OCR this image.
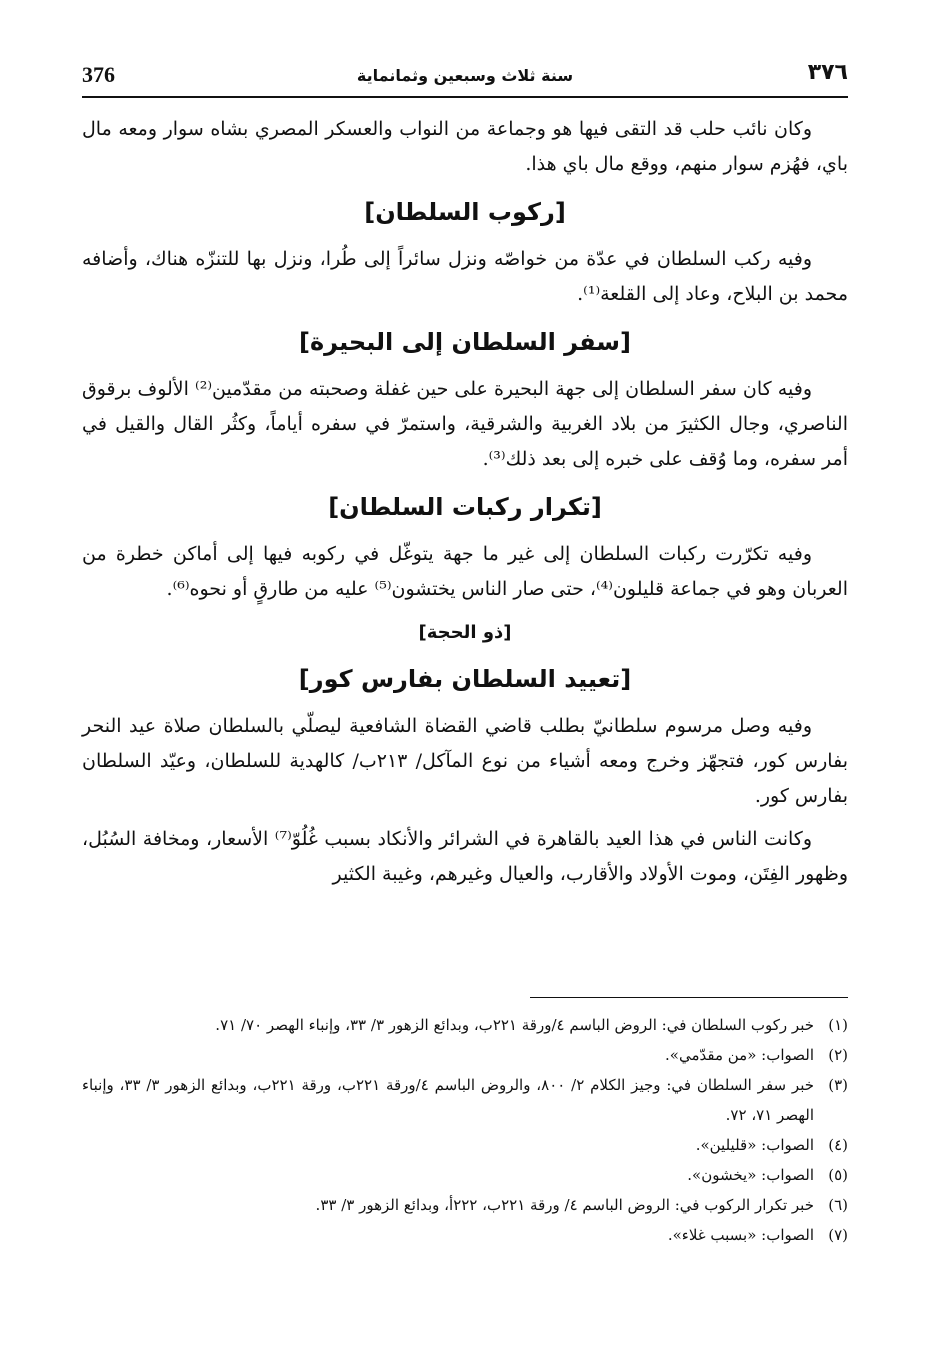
376	سنة ثلاث وسبعين وثمانماية	٣٧٦

وكان نائب حلب قد التقى فيها هو وجماعة من النواب والعسكر المصري بشاه سوار ومعه مال باي، فهُزم سوار منهم، ووقع مال باي هذا.

[ركوب السلطان]

وفيه ركب السلطان في عدّة من خواصّه ونزل سائراً إلى طُرا، ونزل بها للتنزّه هناك، وأضافه محمد بن البلاح، وعاد إلى القلعة⁽¹⁾.

[سفر السلطان إلى البحيرة]

وفيه كان سفر السلطان إلى جهة البحيرة على حين غفلة وصحبته من مقدّمين⁽²⁾ الألوف برقوق الناصري، وجال الكثيرَ من بلاد الغربية والشرقية، واستمرّ في سفره أياماً، وكثُر القال والقيل في أمر سفره، وما وُقف على خبره إلى بعد ذلك⁽³⁾.

[تكرار ركبات السلطان]

وفيه تكرّرت ركبات السلطان إلى غير ما جهة يتوغّل في ركوبه فيها إلى أماكن خطرة من العربان وهو في جماعة قليلون⁽⁴⁾، حتى صار الناس يختشون⁽⁵⁾ عليه من طارقٍ أو نحوه⁽⁶⁾.

[ذو الحجة]
[تعييد السلطان بفارس كور]

وفيه وصل مرسوم سلطانيّ بطلب قاضي القضاة الشافعية ليصلّي بالسلطان صلاة عيد النحر بفارس كور، فتجهّز وخرج ومعه أشياء من نوع المآكل/ ٢١٣ب/ كالهدية للسلطان، وعيّد السلطان بفارس كور.

وكانت الناس في هذا العيد بالقاهرة في الشرائر والأنكاد بسبب غُلُوّ⁽⁷⁾ الأسعار، ومخافة السُبُل، وظهور الفِتَن، وموت الأولاد والأقارب، والعيال وغيرهم، وغيبة الكثير

(١)
خبر ركوب السلطان في: الروض الباسم ٤/ورقة ٢٢١ب، وبدائع الزهور ٣/ ٣٣، وإنباء الهصر ٧٠/ ٧١.
(٢)
الصواب: «من مقدّمي».
(٣)
خبر سفر السلطان في: وجيز الكلام ٢/ ٨٠٠، والروض الباسم ٤/ورقة ٢٢١ب، ورقة ٢٢١ب، وبدائع الزهور ٣/ ٣٣، وإنباء الهصر ٧١، ٧٢.
(٤)
الصواب: «قليلين».
(٥)
الصواب: «يخشون».
(٦)
خبر تكرار الركوب في: الروض الباسم ٤/ ورقة ٢٢١ب، ٢٢٢أ، وبدائع الزهور ٣/ ٣٣.
(٧)
الصواب: «بسبب غلاء».
